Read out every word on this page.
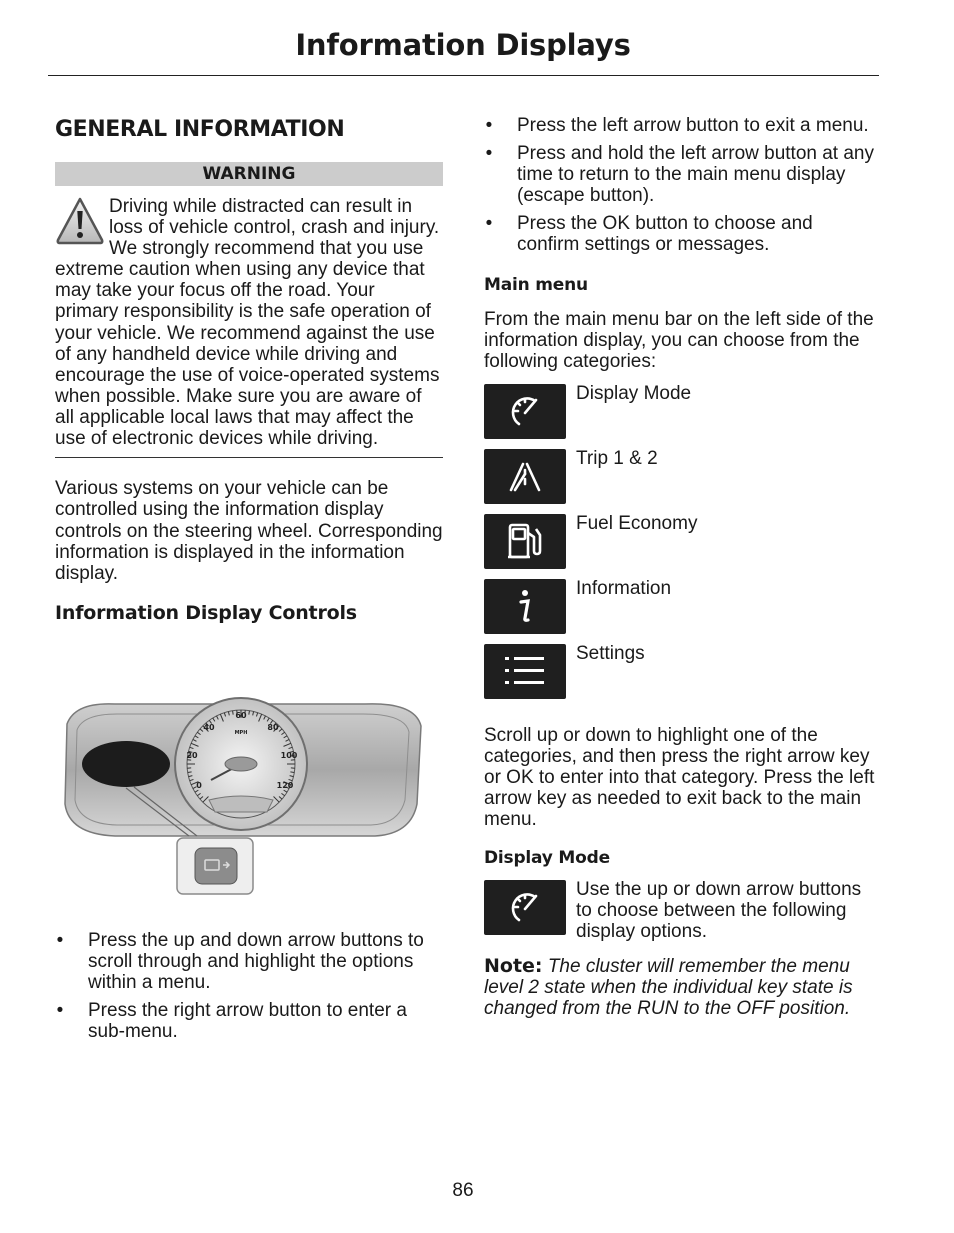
Information Displays
GENERAL INFORMATION
WARNING
Driving while distracted can result in loss of vehicle control, crash and injury. We strongly recommend that you use extreme caution when using any device that may take your focus off the road. Your primary responsibility is the safe operation of your vehicle. We recommend against the use of any handheld device while driving and encourage the use of voice-operated systems when possible. Make sure you are aware of all applicable local laws that may affect the use of electronic devices while driving.

Various systems on your vehicle can be controlled using the information display controls on the steering wheel. Corresponding information is displayed in the information display.

Information Display Controls
0
20
40
60
80
100
120
MPH
• Press the up and down arrow buttons to scroll through and highlight the options within a menu.
• Press the right arrow button to enter a sub-menu.
• Press the left arrow button to exit a menu.
• Press and hold the left arrow button at any time to return to the main menu display (escape button).
• Press the OK button to choose and confirm settings or messages.
Main menu

From the main menu bar on the left side of the information display, you can choose from the following categories:

Display Mode
Trip 1 & 2
Fuel Economy
Information
Settings

Scroll up or down to highlight one of the categories, and then press the right arrow key or OK to enter into that category. Press the left arrow key as needed to exit back to the main menu.

Display Mode
Use the up or down arrow buttons to choose between the following display options.

Note: The cluster will remember the menu level 2 state when the individual key state is changed from the RUN to the OFF position.

86
